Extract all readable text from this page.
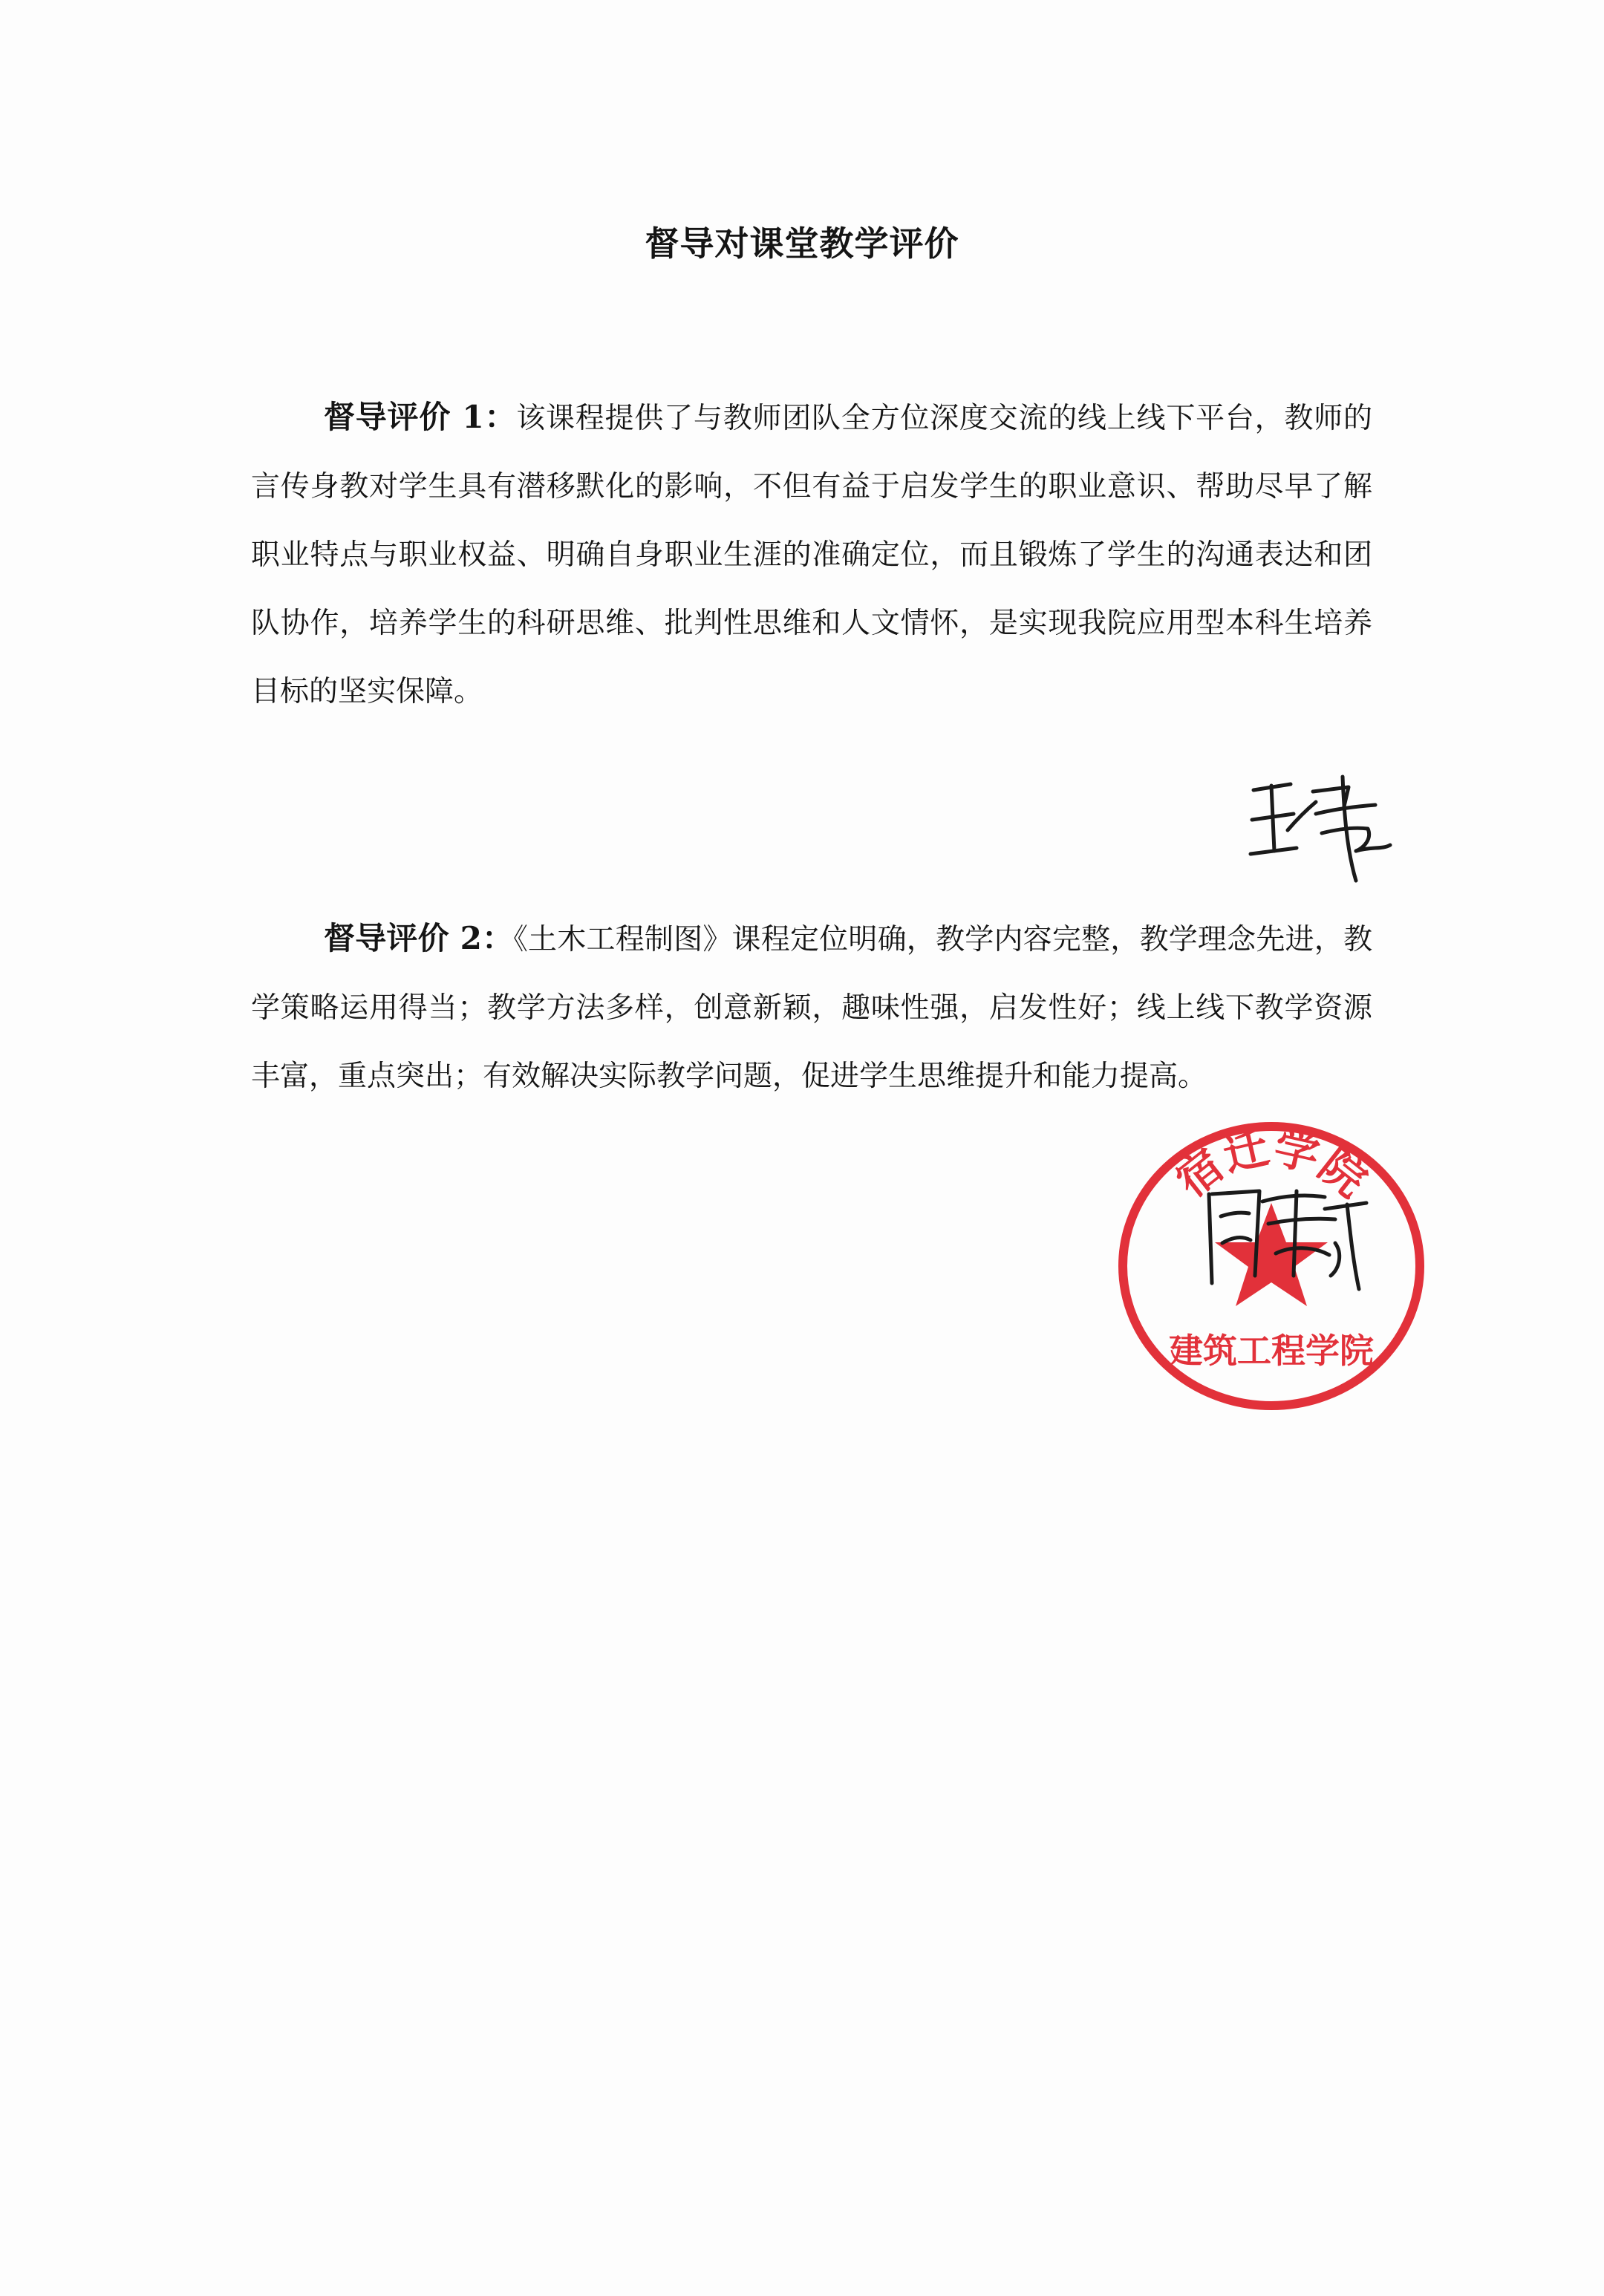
督导对课堂教学评价

督导评价 1：该课程提供了与教师团队全方位深度交流的线上线下平台，教师的言传身教对学生具有潜移默化的影响，不但有益于启发学生的职业意识、帮助尽早了解职业特点与职业权益、明确自身职业生涯的准确定位，而且锻炼了学生的沟通表达和团队协作，培养学生的科研思维、批判性思维和人文情怀，是实现我院应用型本科生培养目标的坚实保障。

督导评价 2：《土木工程制图》课程定位明确，教学内容完整，教学理念先进，教学策略运用得当；教学方法多样，创意新颖，趣味性强，启发性好；线上线下教学资源丰富，重点突出；有效解决实际教学问题，促进学生思维提升和能力提高。

宿迁学院
建筑工程学院
